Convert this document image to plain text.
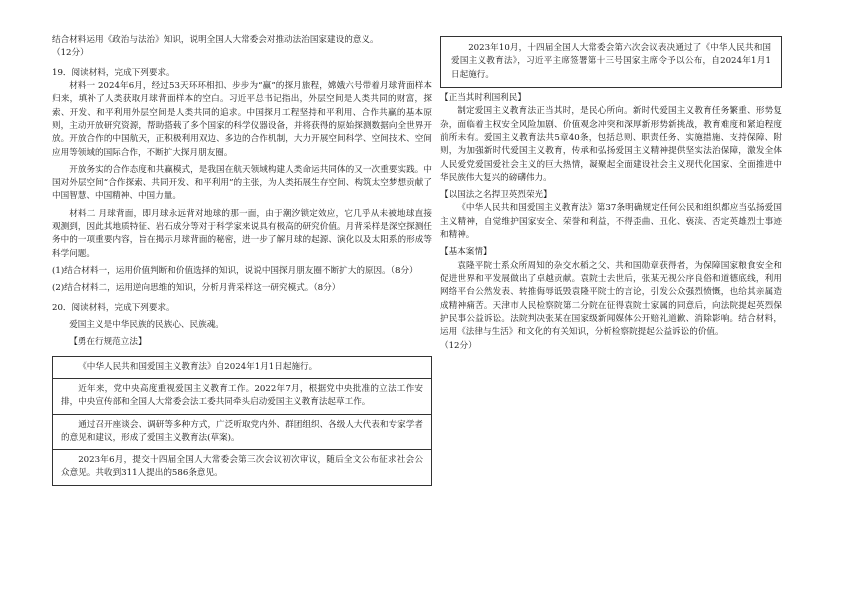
结合材料运用《政治与法治》知识，说明全国人大常委会对推动法治国家建设的意义。
（12分）

19．阅读材料，完成下列要求。

材料一 2024年6月，经过53天环环相扣、步步为“赢”的探月旅程，嫦娥六号带着月球背面样本归来，填补了人类获取月球背面样本的空白。习近平总书记指出，外层空间是人类共同的财富，探索、开发、和平利用外层空间是人类共同的追求。中国探月工程坚持和平利用、合作共赢的基本原则，主动开放研究资源，帮助搭载了多个国家的科学仪器设备，并将获得的原始探测数据向全世界开放。开放合作的中国航天，正积极利用双边、多边的合作机制，大力开展空间科学、空间技术、空间应用等领域的国际合作，不断扩大探月朋友圈。

开放务实的合作态度和共赢模式，是我国在航天领域构建人类命运共同体的又一次重要实践。中国对外层空间“合作探索、共同开发、和平利用”的主张，为人类拓展生存空间、构筑太空梦想贡献了中国智慧、中国精神、中国力量。

材料二 月球背面，即月球永远背对地球的那一面，由于潮汐锁定效应，它几乎从未被地球直接观测到，因此其地质特征、岩石成分等对于科学家来说具有极高的研究价值。月背采样是深空探测任务中的一项重要内容，旨在揭示月球背面的秘密，进一步了解月球的起源、演化以及太阳系的形成等科学问题。

(1)结合材料一，运用价值判断和价值选择的知识，说说中国探月朋友圈不断扩大的原因。（8分）

(2)结合材料二，运用逆向思维的知识，分析月背采样这一研究模式。（8分）

20．阅读材料，完成下列要求。

爱国主义是中华民族的民族心、民族魂。

【勇在行规范立法】

《中华人民共和国爱国主义教育法》自2024年1月1日起施行。

近年来，党中央高度重视爱国主义教育工作。2022年7月，根据党中央批准的立法工作安排，中央宣传部和全国人大常委会法工委共同牵头启动爱国主义教育法起草工作。

通过召开座谈会、调研等多种方式，广泛听取党内外、群团组织、各级人大代表和专家学者的意见和建议，形成了爱国主义教育法(草案)。

2023年6月，提交十四届全国人大常委会第三次会议初次审议，随后全文公布征求社会公众意见。共收到311人提出的586条意见。

2023年10月，十四届全国人大常委会第六次会议表决通过了《中华人民共和国爱国主义教育法》，习近平主席签署第十三号国家主席令予以公布，自2024年1月1日起施行。

【正当其时利国利民】

制定爱国主义教育法正当其时，是民心所向。新时代爱国主义教育任务繁重、形势复杂，面临着主权安全风险加剧、价值观念冲突和深厚新形势新挑战，教育难度和紧迫程度前所未有。爱国主义教育法共5章40条，包括总则、职责任务、实施措施、支持保障、附则，为加强新时代爱国主义教育，传承和弘扬爱国主义精神提供坚实法治保障，激发全体人民爱党爱国爱社会主义的巨大热情，凝聚起全面建设社会主义现代化国家、全面推进中华民族伟大复兴的磅礴伟力。

【以国法之名捍卫英烈荣光】

《中华人民共和国爱国主义教育法》第37条明确规定任何公民和组织都应当弘扬爱国主义精神，自觉维护国家安全、荣誉和利益，不得歪曲、丑化、亵渎、否定英雄烈士事迹和精神。

【基本案情】

袁隆平院士系众所周知的杂交水稻之父、共和国勋章获得者，为保障国家粮食安全和促进世界和平发展做出了卓越贡献。袁院士去世后，张某无视公序良俗和道德底线，利用网络平台公然发表、转推侮辱诋毁袁隆平院士的言论，引发公众强烈愤慨，也给其亲属造成精神痛苦。天津市人民检察院第二分院在征得袁院士家属的同意后，向法院提起英烈保护民事公益诉讼。法院判决张某在国家级新闻媒体公开赔礼道歉、消除影响。结合材料，运用《法律与生活》和文化的有关知识，分析检察院提起公益诉讼的价值。

（12分）
